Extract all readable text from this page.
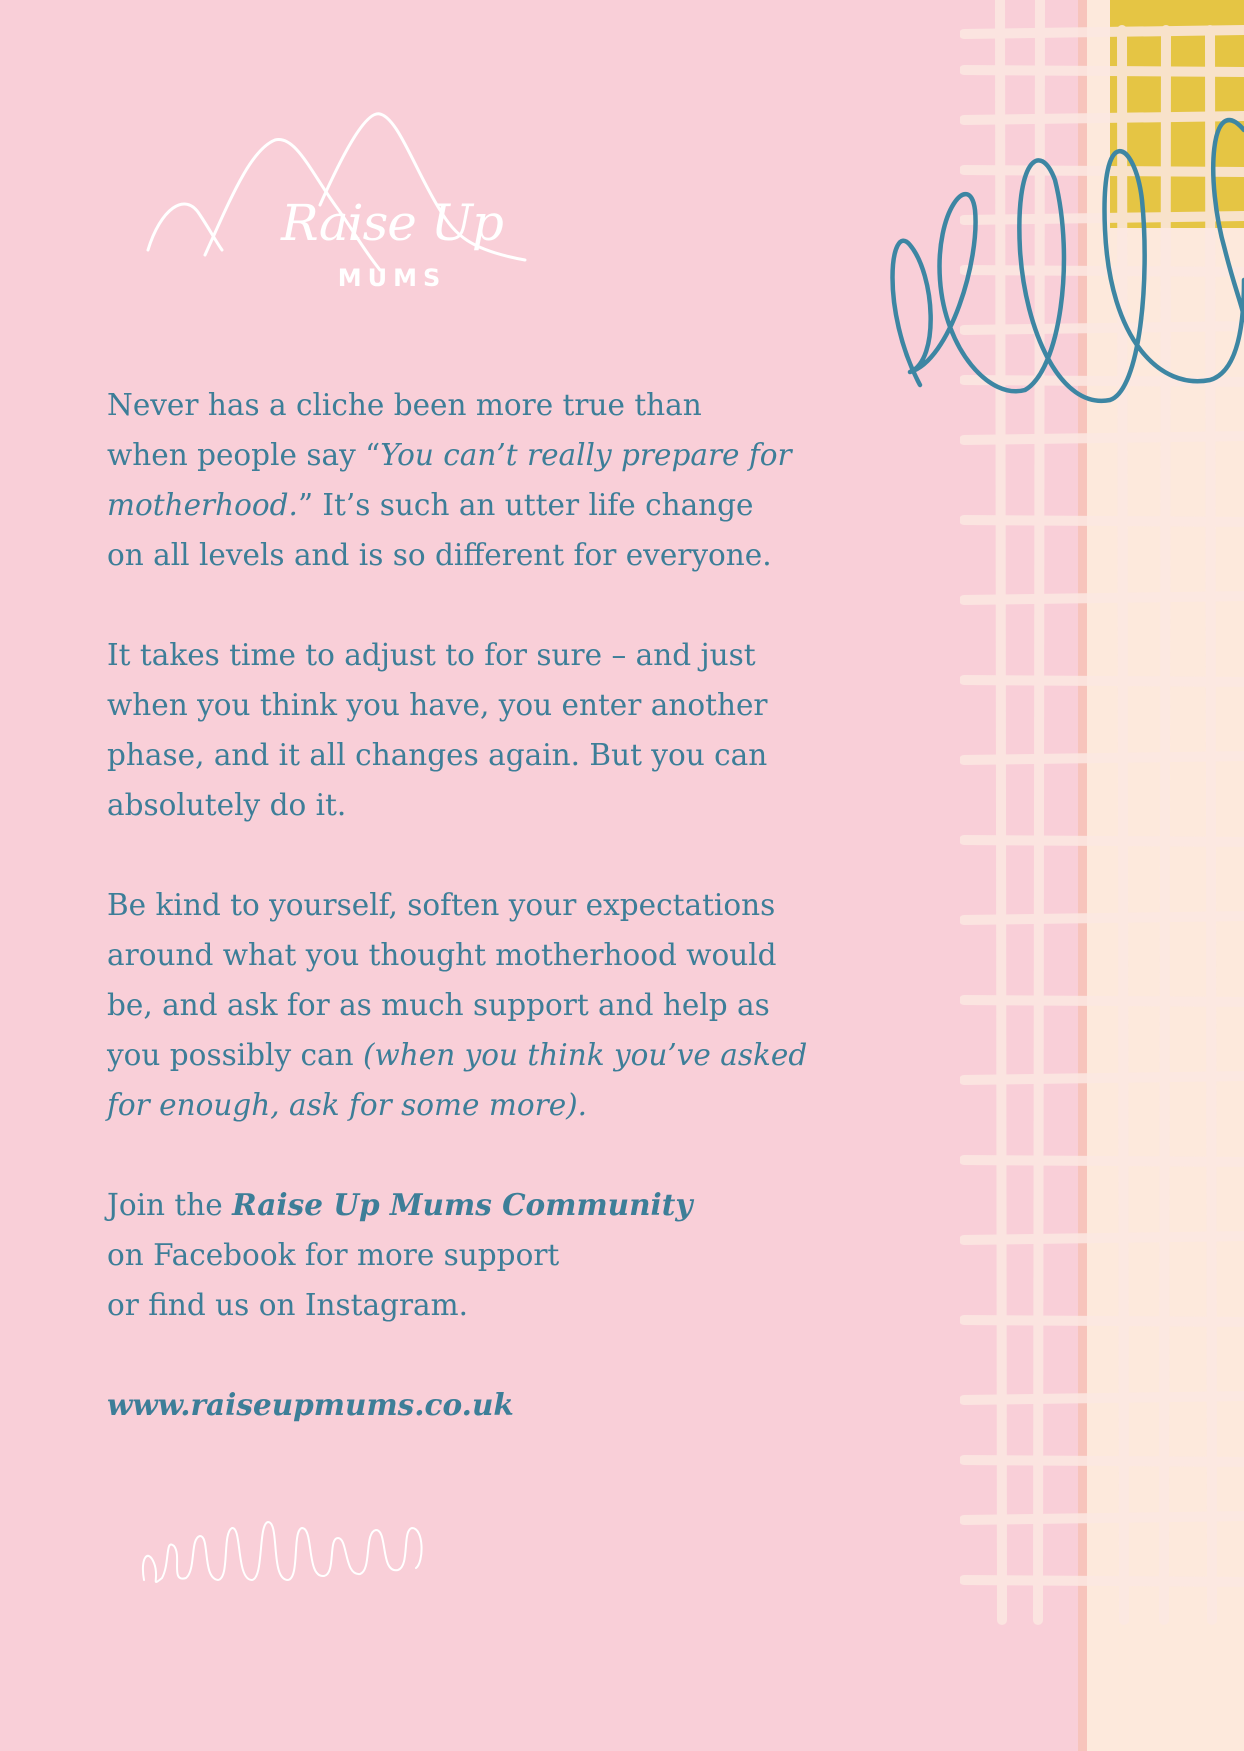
Raise Up
MUMS

Never has a cliche been more true than
when people say “You can’t really prepare for
motherhood.” It’s such an utter life change
on all levels and is so different for everyone.

It takes time to adjust to for sure – and just
when you think you have, you enter another
phase, and it all changes again. But you can
absolutely do it.

Be kind to yourself, soften your expectations
around what you thought motherhood would
be, and ask for as much support and help as
you possibly can (when you think you’ve asked
for enough, ask for some more).

Join the Raise Up Mums Community
on Facebook for more support
or find us on Instagram.

www.raiseupmums.co.uk
